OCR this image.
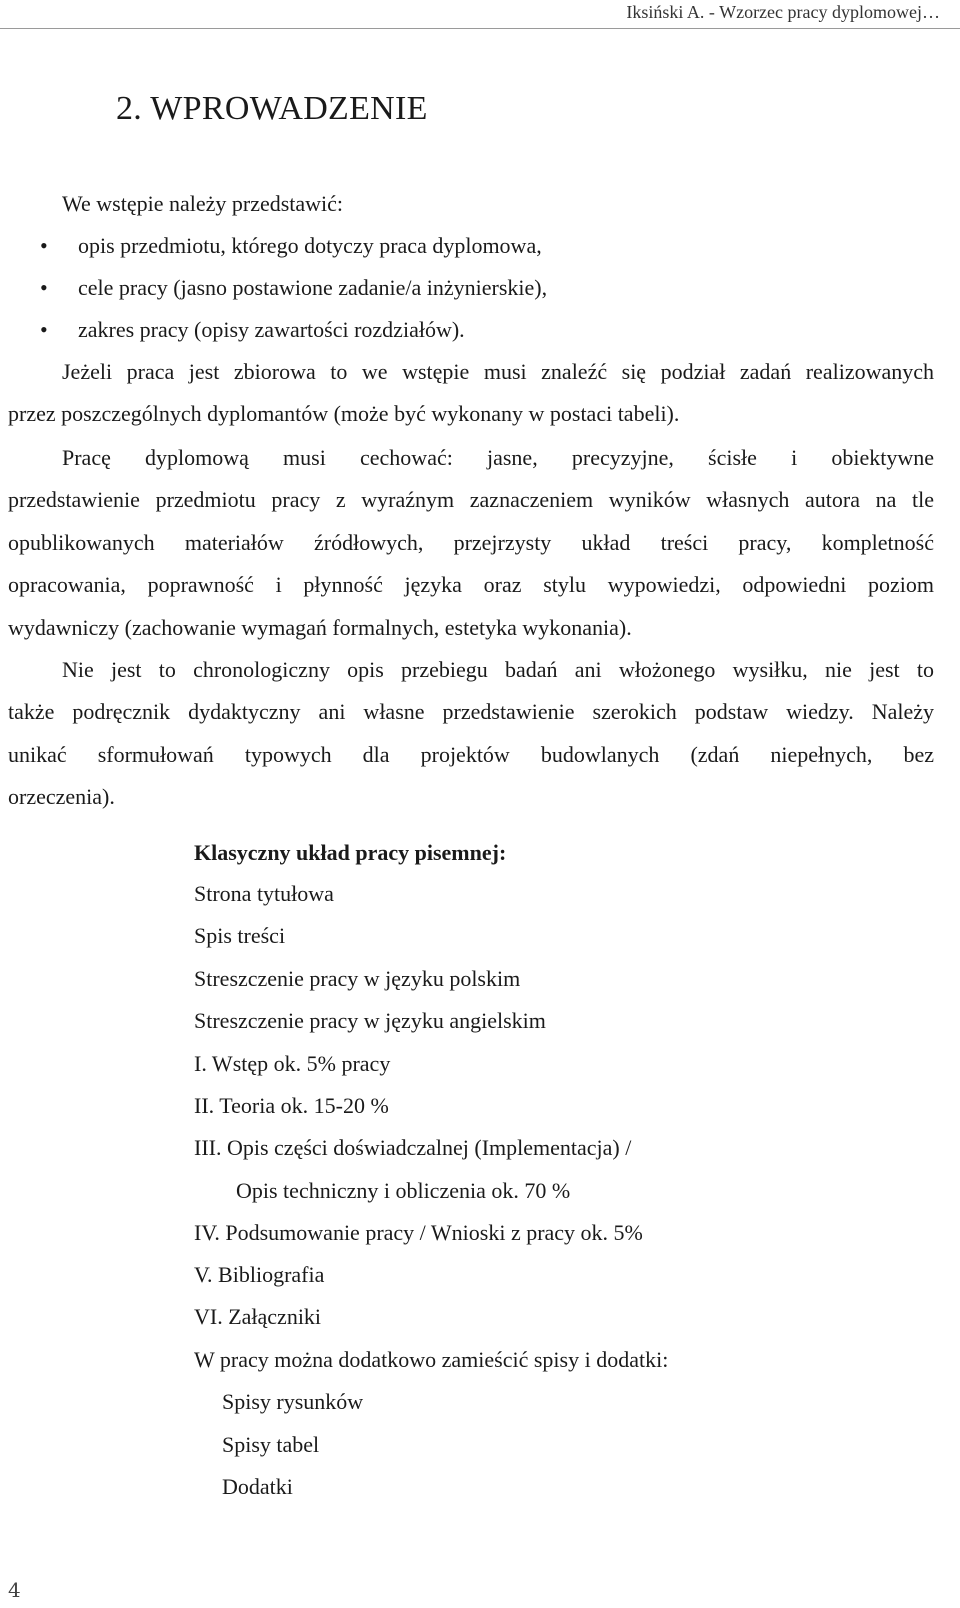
Iksiński A. - Wzorzec pracy dyplomowej…
2. WPROWADZENIE
We wstępie należy przedstawić:
• opis przedmiotu, którego dotyczy praca dyplomowa,
• cele pracy (jasno postawione zadanie/a inżynierskie),
• zakres pracy (opisy zawartości rozdziałów).
Jeżeli praca jest zbiorowa to we wstępie musi znaleźć się podział zadań realizowanych
przez poszczególnych dyplomantów (może być wykonany w postaci tabeli).
Pracę dyplomową musi cechować: jasne, precyzyjne, ścisłe i obiektywne
przedstawienie przedmiotu pracy z wyraźnym zaznaczeniem wyników własnych autora na tle
opublikowanych materiałów źródłowych, przejrzysty układ treści pracy, kompletność
opracowania, poprawność i płynność języka oraz stylu wypowiedzi, odpowiedni poziom
wydawniczy (zachowanie wymagań formalnych, estetyka wykonania).
Nie jest to chronologiczny opis przebiegu badań ani włożonego wysiłku, nie jest to
także podręcznik dydaktyczny ani własne przedstawienie szerokich podstaw wiedzy. Należy
unikać sformułowań typowych dla projektów budowlanych (zdań niepełnych, bez
orzeczenia).
Klasyczny układ pracy pisemnej:
Strona tytułowa
Spis treści
Streszczenie pracy w języku polskim
Streszczenie pracy w języku angielskim
I. Wstęp ok. 5% pracy
II. Teoria ok. 15-20 %
III. Opis części doświadczalnej (Implementacja) /
Opis techniczny i obliczenia ok. 70 %
IV. Podsumowanie pracy / Wnioski z pracy ok. 5%
V. Bibliografia
VI. Załączniki
W pracy można dodatkowo zamieścić spisy i dodatki:
Spisy rysunków
Spisy tabel
Dodatki
4
